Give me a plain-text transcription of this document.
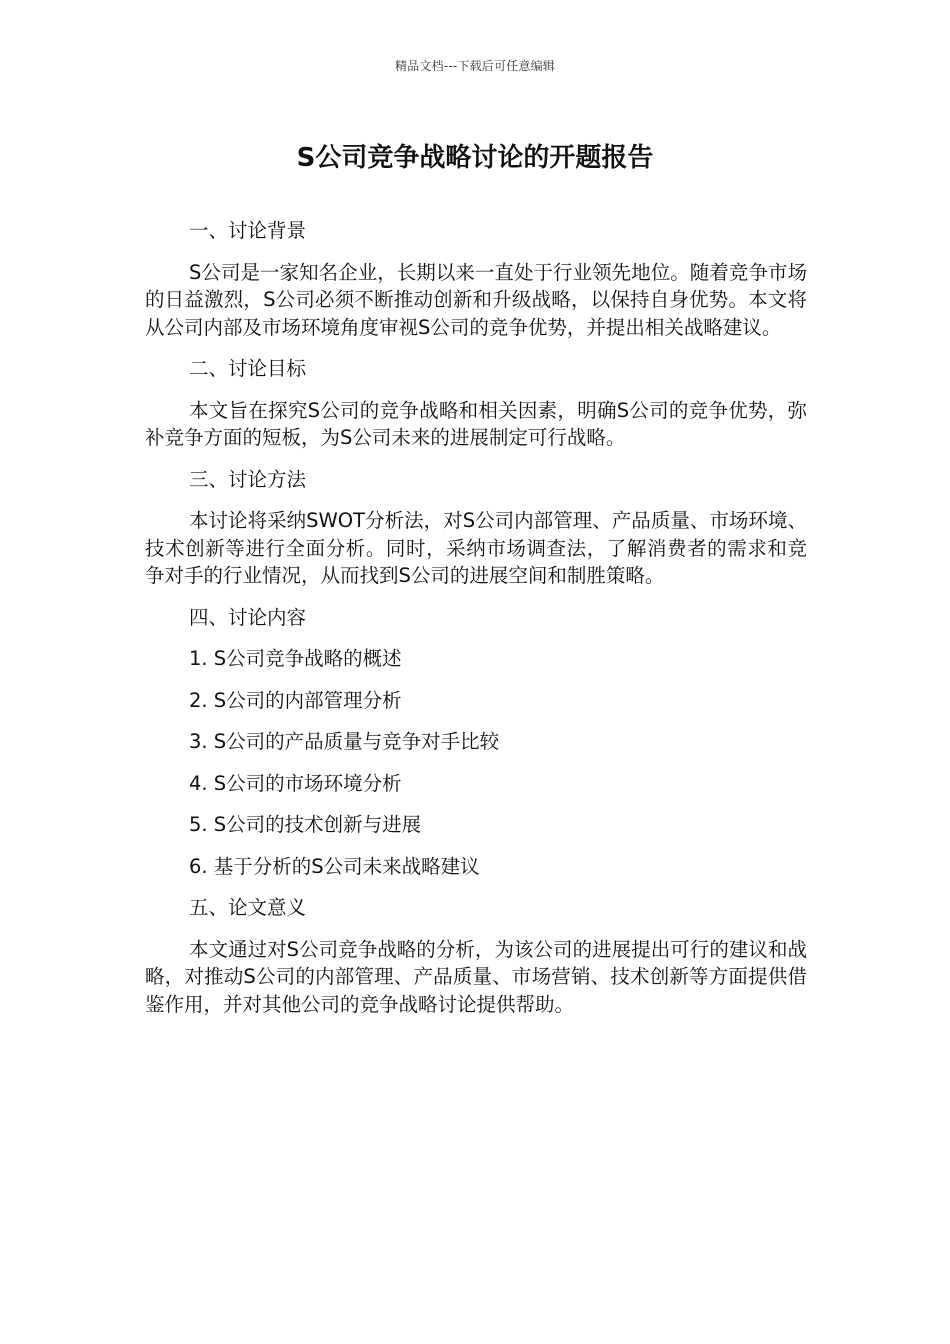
精品文档---下载后可任意编辑
S公司竞争战略讨论的开题报告

一、讨论背景

S公司是一家知名企业，长期以来一直处于行业领先地位。随着竞争市场的日益激烈，S公司必须不断推动创新和升级战略，以保持自身优势。本文将从公司内部及市场环境角度审视S公司的竞争优势，并提出相关战略建议。

二、讨论目标

本文旨在探究S公司的竞争战略和相关因素，明确S公司的竞争优势，弥补竞争方面的短板，为S公司未来的进展制定可行战略。

三、讨论方法

本讨论将采纳SWOT分析法，对S公司内部管理、产品质量、市场环境、技术创新等进行全面分析。同时，采纳市场调查法，了解消费者的需求和竞争对手的行业情况，从而找到S公司的进展空间和制胜策略。

四、讨论内容

1. S公司竞争战略的概述

2. S公司的内部管理分析

3. S公司的产品质量与竞争对手比较

4. S公司的市场环境分析

5. S公司的技术创新与进展

6. 基于分析的S公司未来战略建议

五、论文意义

本文通过对S公司竞争战略的分析，为该公司的进展提出可行的建议和战略，对推动S公司的内部管理、产品质量、市场营销、技术创新等方面提供借鉴作用，并对其他公司的竞争战略讨论提供帮助。
